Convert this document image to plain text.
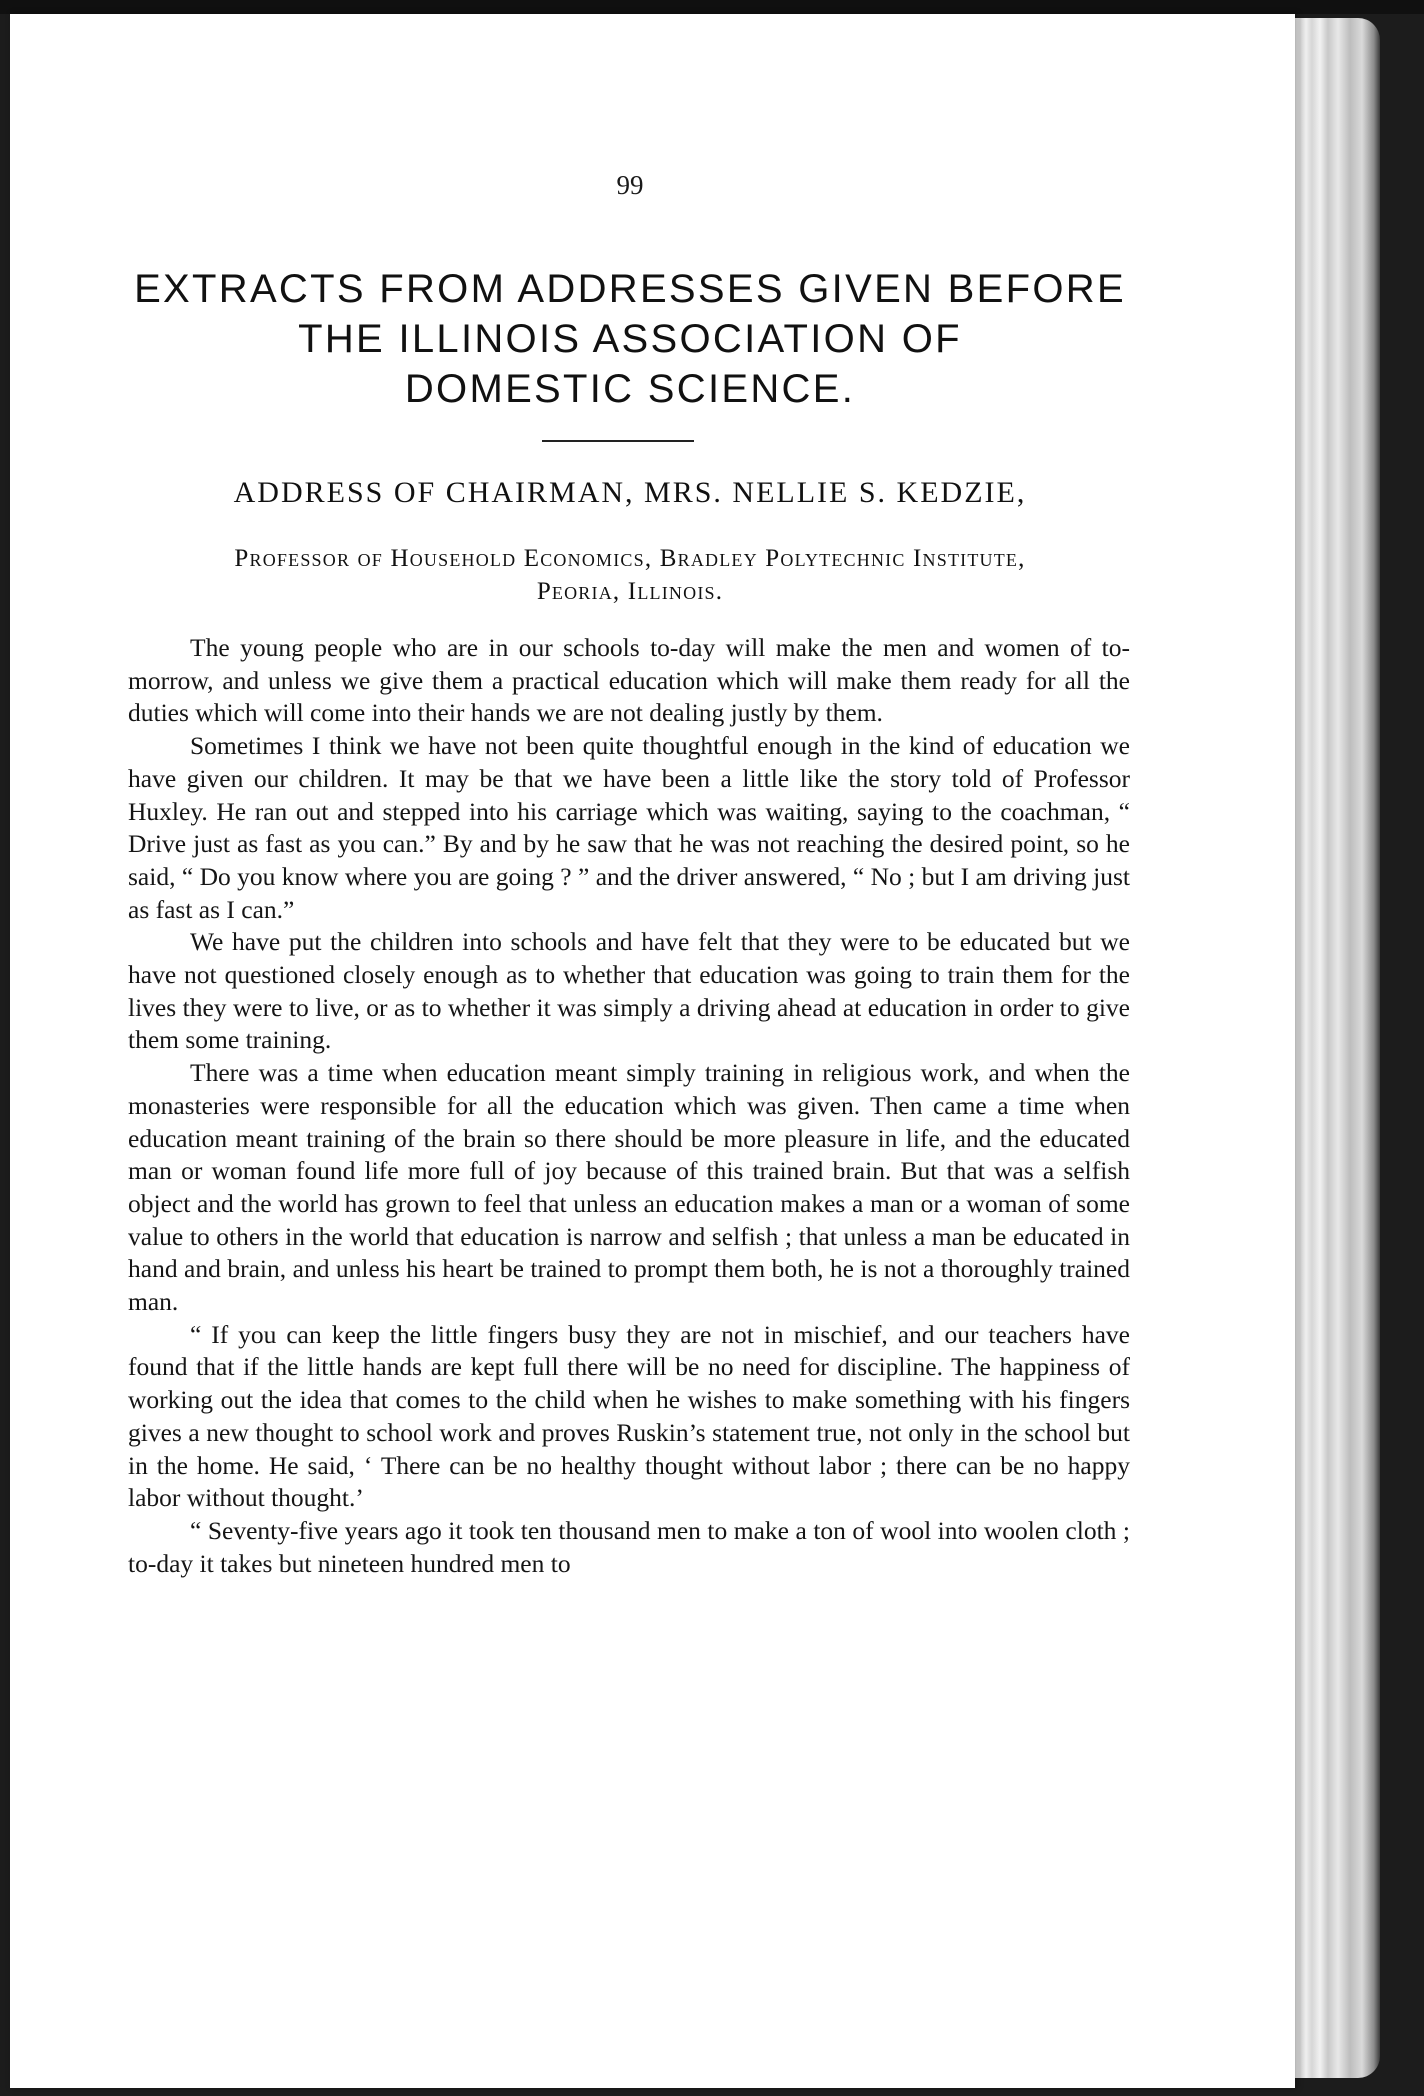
99
EXTRACTS FROM ADDRESSES GIVEN BEFORE
THE ILLINOIS ASSOCIATION OF
DOMESTIC SCIENCE.
ADDRESS OF CHAIRMAN, MRS. NELLIE S. KEDZIE,
Professor of Household Economics, Bradley Polytechnic Institute,
Peoria, Illinois.

The young people who are in our schools to-day will make the men and women of to-morrow, and unless we give them a practical education which will make them ready for all the duties which will come into their hands we are not dealing justly by them.

Sometimes I think we have not been quite thoughtful enough in the kind of education we have given our children. It may be that we have been a little like the story told of Professor Huxley. He ran out and stepped into his carriage which was waiting, saying to the coachman, “ Drive just as fast as you can.” By and by he saw that he was not reaching the desired point, so he said, “ Do you know where you are going ? ” and the driver answered, “ No ; but I am driving just as fast as I can.”

We have put the children into schools and have felt that they were to be educated but we have not questioned closely enough as to whether that education was going to train them for the lives they were to live, or as to whether it was simply a driving ahead at education in order to give them some training.

There was a time when education meant simply training in religious work, and when the monasteries were responsible for all the education which was given. Then came a time when education meant training of the brain so there should be more pleasure in life, and the educated man or woman found life more full of joy because of this trained brain. But that was a selfish object and the world has grown to feel that unless an education makes a man or a woman of some value to others in the world that education is narrow and selfish ; that unless a man be educated in hand and brain, and unless his heart be trained to prompt them both, he is not a thoroughly trained man.

“ If you can keep the little fingers busy they are not in mischief, and our teachers have found that if the little hands are kept full there will be no need for discipline. The happiness of working out the idea that comes to the child when he wishes to make something with his fingers gives a new thought to school work and proves Ruskin’s statement true, not only in the school but in the home. He said, ‘ There can be no healthy thought without labor ; there can be no happy labor without thought.’

“ Seventy-five years ago it took ten thousand men to make a ton of wool into woolen cloth ; to-day it takes but nineteen hundred men to
